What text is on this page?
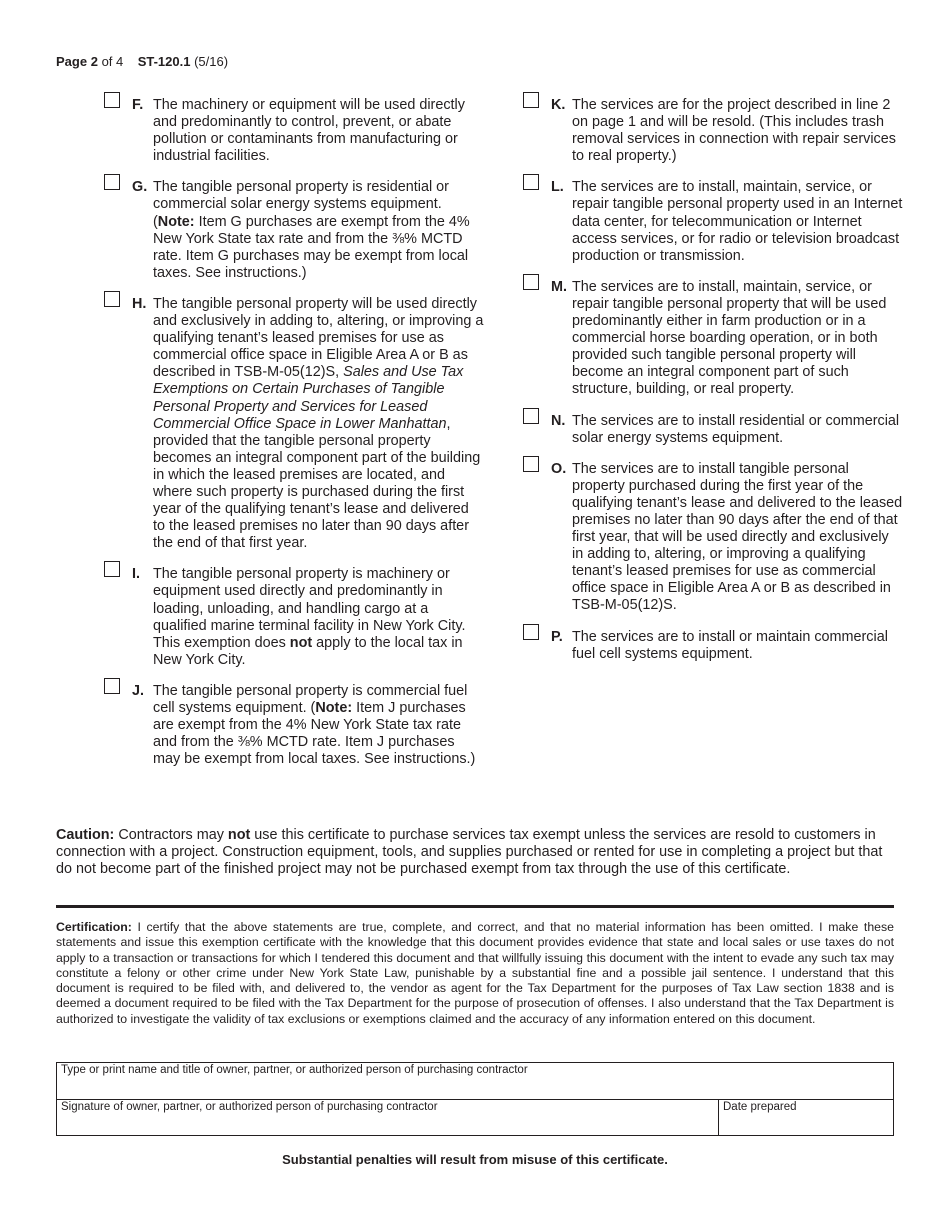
Page 2 of 4 ST-120.1 (5/16)
F. The machinery or equipment will be used directly and predominantly to control, prevent, or abate pollution or contaminants from manufacturing or industrial facilities.
G. The tangible personal property is residential or commercial solar energy systems equipment. (Note: Item G purchases are exempt from the 4% New York State tax rate and from the ⅜% MCTD rate. Item G purchases may be exempt from local taxes. See instructions.)
H. The tangible personal property will be used directly and exclusively in adding to, altering, or improving a qualifying tenant’s leased premises for use as commercial office space in Eligible Area A or B as described in TSB-M-05(12)S, Sales and Use Tax Exemptions on Certain Purchases of Tangible Personal Property and Services for Leased Commercial Office Space in Lower Manhattan, provided that the tangible personal property becomes an integral component part of the building in which the leased premises are located, and where such property is purchased during the first year of the qualifying tenant’s lease and delivered to the leased premises no later than 90 days after the end of that first year.
I. The tangible personal property is machinery or equipment used directly and predominantly in loading, unloading, and handling cargo at a qualified marine terminal facility in New York City. This exemption does not apply to the local tax in New York City.
J. The tangible personal property is commercial fuel cell systems equipment. (Note: Item J purchases are exempt from the 4% New York State tax rate and from the ⅜% MCTD rate. Item J purchases may be exempt from local taxes. See instructions.)
K. The services are for the project described in line 2 on page 1 and will be resold. (This includes trash removal services in connection with repair services to real property.)
L. The services are to install, maintain, service, or repair tangible personal property used in an Internet data center, for telecommunication or Internet access services, or for radio or television broadcast production or transmission.
M. The services are to install, maintain, service, or repair tangible personal property that will be used predominantly either in farm production or in a commercial horse boarding operation, or in both provided such tangible personal property will become an integral component part of such structure, building, or real property.
N. The services are to install residential or commercial solar energy systems equipment.
O. The services are to install tangible personal property purchased during the first year of the qualifying tenant’s lease and delivered to the leased premises no later than 90 days after the end of that first year, that will be used directly and exclusively in adding to, altering, or improving a qualifying tenant’s leased premises for use as commercial office space in Eligible Area A or B as described in TSB-M-05(12)S.
P. The services are to install or maintain commercial fuel cell systems equipment.
Caution: Contractors may not use this certificate to purchase services tax exempt unless the services are resold to customers in connection with a project. Construction equipment, tools, and supplies purchased or rented for use in completing a project but that do not become part of the finished project may not be purchased exempt from tax through the use of this certificate.
Certification: I certify that the above statements are true, complete, and correct, and that no material information has been omitted. I make these statements and issue this exemption certificate with the knowledge that this document provides evidence that state and local sales or use taxes do not apply to a transaction or transactions for which I tendered this document and that willfully issuing this document with the intent to evade any such tax may constitute a felony or other crime under New York State Law, punishable by a substantial fine and a possible jail sentence. I understand that this document is required to be filed with, and delivered to, the vendor as agent for the Tax Department for the purposes of Tax Law section 1838 and is deemed a document required to be filed with the Tax Department for the purpose of prosecution of offenses. I also understand that the Tax Department is authorized to investigate the validity of tax exclusions or exemptions claimed and the accuracy of any information entered on this document.
Type or print name and title of owner, partner, or authorized person of purchasing contractor
Signature of owner, partner, or authorized person of purchasing contractor	Date prepared
Substantial penalties will result from misuse of this certificate.
